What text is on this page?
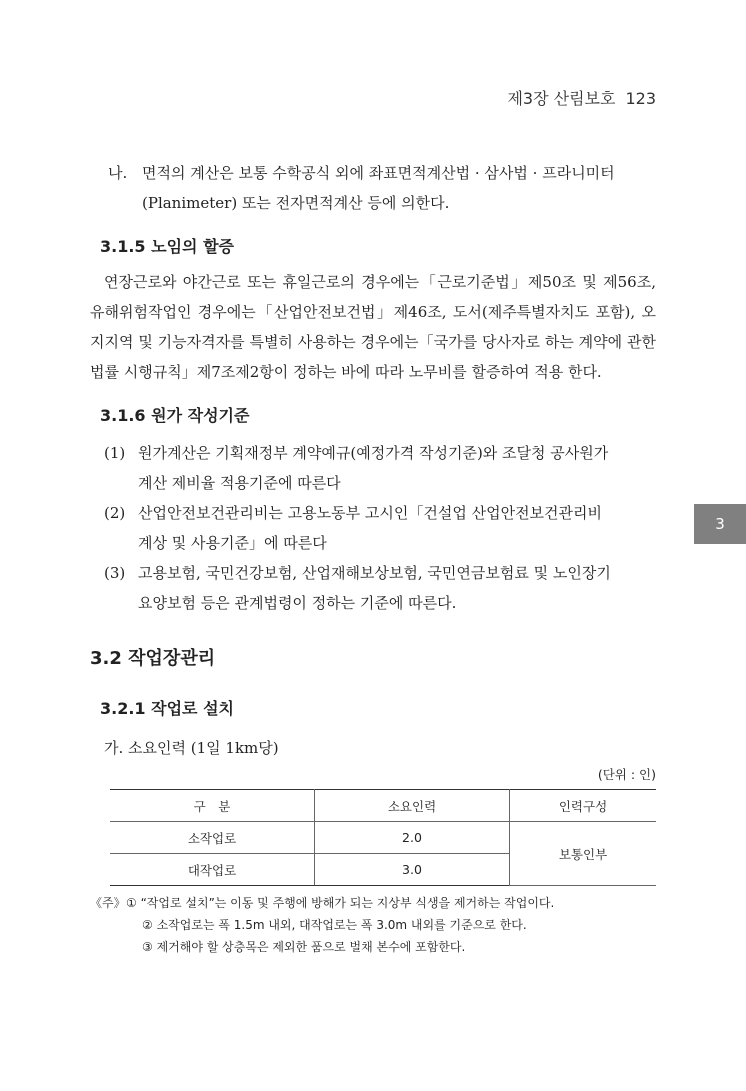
제3장 산림보호 123
3
나. 면적의 계산은 보통 수학공식 외에 좌표면적계산법 · 삼사법 · 프라니미터
(Planimeter) 또는 전자면적계산 등에 의한다.
3.1.5 노임의 할증

연장근로와 야간근로 또는 휴일근로의 경우에는「근로기준법」제50조 및 제56조, 유해위험작업인 경우에는「산업안전보건법」제46조, 도서(제주특별자치도 포함), 오지지역 및 기능자격자를 특별히 사용하는 경우에는「국가를 당사자로 하는 계약에 관한 법률 시행규칙」제7조제2항이 정하는 바에 따라 노무비를 할증하여 적용 한다.

3.1.6 원가 작성기준
(1) 원가계산은 기획재정부 계약예규(예정가격 작성기준)와 조달청 공사원가
계산 제비율 적용기준에 따른다
(2) 산업안전보건관리비는 고용노동부 고시인「건설업 산업안전보건관리비
계상 및 사용기준」에 따른다
(3) 고용보험, 국민건강보험, 산업재해보상보험, 국민연금보험료 및 노인장기
요양보험 등은 관계법령이 정하는 기준에 따른다.
3.2 작업장관리
3.2.1 작업로 설치

가. 소요인력 (1일 1km당)

(단위 : 인)
구　분	소요인력	인력구성
소작업로	2.0	보통인부
대작업로	3.0	
《주》 ① “작업로 설치”는 이동 및 주행에 방해가 되는 지상부 식생을 제거하는 작업이다.
② 소작업로는 폭 1.5m 내외, 대작업로는 폭 3.0m 내외를 기준으로 한다.
③ 제거해야 할 상층목은 제외한 품으로 벌채 본수에 포함한다.
